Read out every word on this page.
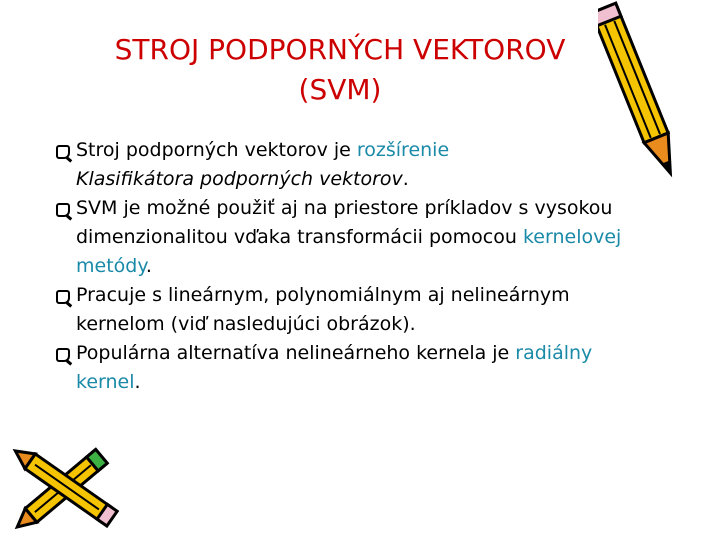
STROJ PODPORNÝCH VEKTOROV
(SVM)
Stroj podporných vektorov je rozšírenie
Klasifikátora podporných vektorov.
SVM je možné použiť aj na priestore príkladov s vysokou dimenzionalitou vďaka transformácii pomocou kernelovej metódy.
Pracuje s lineárnym, polynomiálnym aj nelineárnym kernelom (viď nasledujúci obrázok).
Populárna alternatíva nelineárneho kernela je radiálny kernel.
